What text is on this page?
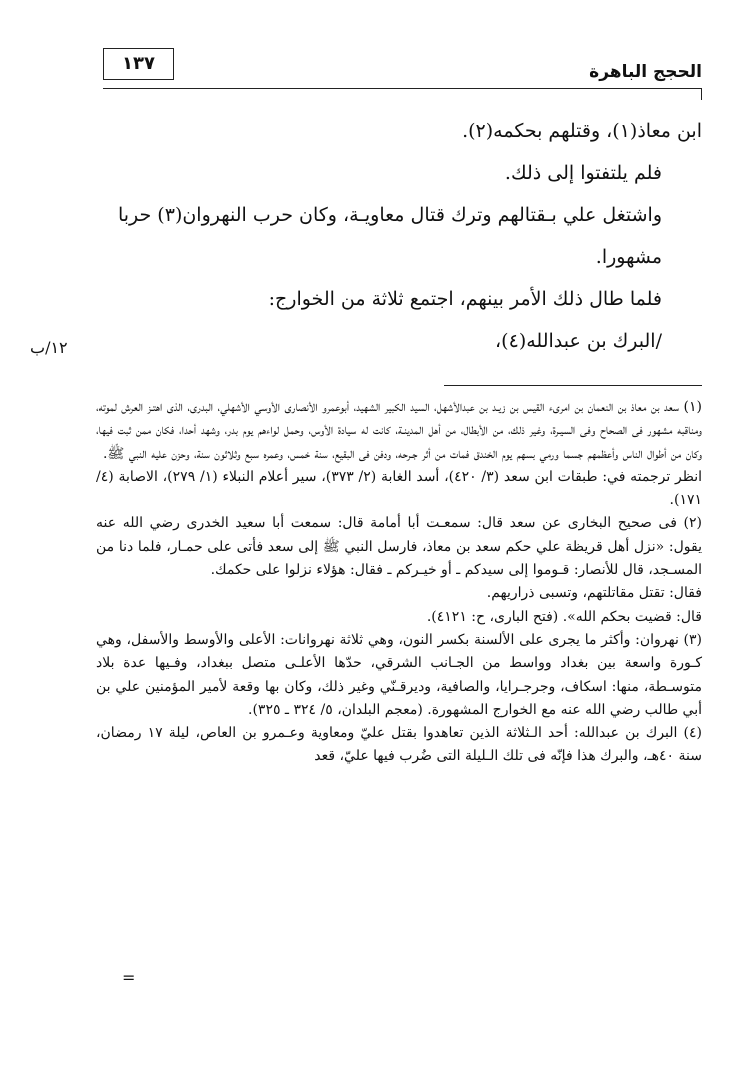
١٣٧	الحجج الباهرة

ابن معاذ(١)، وقتلهم بحكمه(٢).

فلم يلتفتوا إلى ذلك.

واشتغل علي بـقتالهم وترك قتال معاويـة، وكان حرب النهروان(٣) حربا مشهورا.

فلما طال ذلك الأمر بينهم، اجتمع ثلاثة من الخوارج:

/البرك بن عبدالله(٤)،

١٢/ب

(١) سعد بن معاذ بن النعمان بن امرىء القيس بن زيـد بن عبدالأشهل، السيد الكبير الشهيد، أبوعمرو الأنصارى الأوسي الأشهلي، البدرى، الذى اهتـز العرش لموته، ومناقبه مشهور فى الصحاح وفى السيـرة، وغير ذلك، من الأبطال، من أهل المدينـة، كانت له سيادة الأوس، وحمل لواءهم يوم بدر، وشهد أحدا، فكان ممن ثبت فيها، وكان من أطوال الناس وأعظمهم جسما ورمي بسهم يوم الخندق فمات من أثر جـرحه، ودفن فى البقيع، سنة خمس، وعمره سبع وثلاثون سنة، وحزن عليه النبي ﷺ.

انظر ترجمته في: طبقات ابن سعد (٣/ ٤٢٠)، أسد الغابة (٢/ ٣٧٣)، سير أعلام النبلاء (١/ ٢٧٩)، الاصابة (٤/ ١٧١).

(٢) فى صحيح البخارى عن سعد قال: سمعـت أبا أمامة قال: سمعت أبا سعيد الخدرى رضي الله عنه يقول: «نزل أهل قريظة علي حكم سعد بن معاذ، فارسل النبي ﷺ إلى سعد فأتى على حمـار، فلما دنا من المسـجد، قال للأنصار: قـوموا إلى سيدكم ـ أو خيـركم ـ فقال: هؤلاء نزلوا على حكمك.

فقال: تقتل مقاتلتهم، وتسبى ذراريهم.

قال: قضيت بحكم الله». (فتح البارى، ح: ٤١٢١).

(٣) نهروان: وأكثر ما يجرى على الألسنة بكسر النون، وهي ثلاثة نهروانات: الأعلى والأوسط والأسفل، وهي كـورة واسعة بين بغداد وواسط من الجـانب الشرقي، حدّها الأعلـى متصل ببغداد، وفـيها عدة بلاد متوسـطة، منها: اسكاف، وجرجـرايا، والصافية، وديرقـنّي وغير ذلك، وكان بها وقعة لأمير المؤمنين علي بن أبي طالب رضي الله عنه مع الخوارج المشهورة. (معجم البلدان، ٥/ ٣٢٤ ـ ٣٢٥).

(٤) البرك بن عبدالله: أحد الـثلاثة الذين تعاهدوا بقتل عليّ ومعاوية وعـمرو بن العاص، ليلة ١٧ رمضان، سنة ٤٠هـ، والبرك هذا فإنّه فى تلك الـليلة التى ضُرب فيها عليّ، قعد

=
